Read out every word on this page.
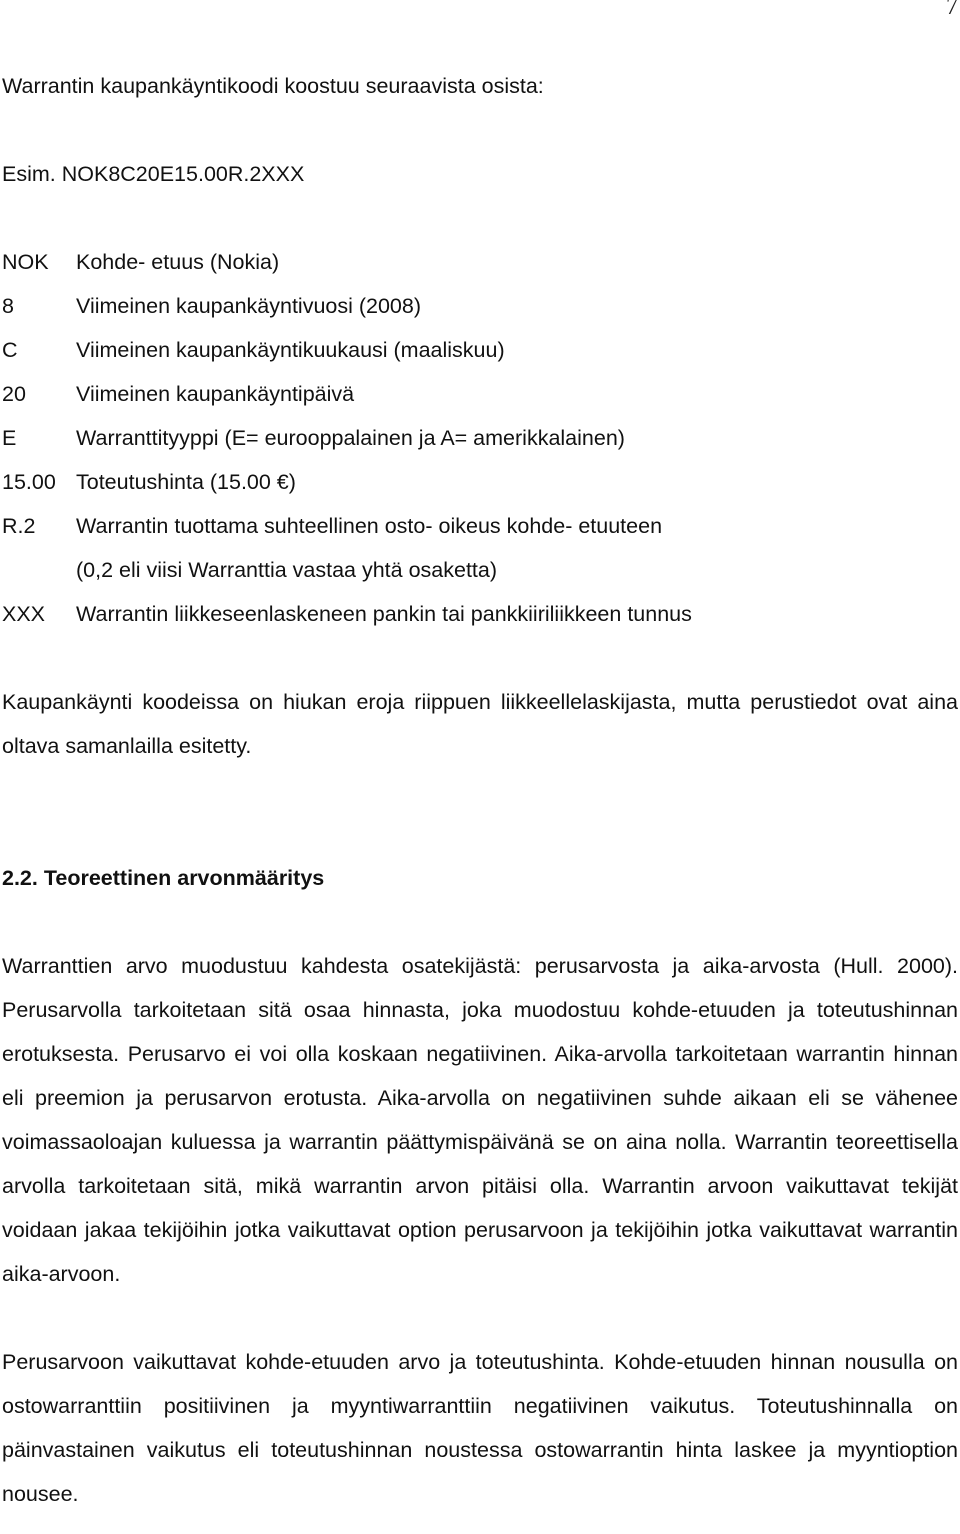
7

Warrantin kaupankäyntikoodi koostuu seuraavista osista:

Esim. NOK8C20E15.00R.2XXX

NOK	Kohde- etuus (Nokia)
8	Viimeinen kaupankäyntivuosi (2008)
C	Viimeinen kaupankäyntikuukausi (maaliskuu)
20	Viimeinen kaupankäyntipäivä
E	Warranttityyppi (E= eurooppalainen ja A= amerikkalainen)
15.00 Toteutushinta (15.00 €)
R.2	Warrantin tuottama suhteellinen osto- oikeus kohde- etuuteen
(0,2 eli viisi Warranttia vastaa yhtä osaketta)
XXX	Warrantin liikkeseenlaskeneen pankin tai pankkiiriliikkeen tunnus

Kaupankäynti koodeissa on hiukan eroja riippuen liikkeellelaskijasta, mutta perustiedot ovat aina oltava samanlailla esitetty.

2.2. Teoreettinen arvonmääritys

Warranttien arvo muodustuu kahdesta osatekijästä: perusarvosta ja aika-arvosta (Hull. 2000). Perusarvolla tarkoitetaan sitä osaa hinnasta, joka muodostuu kohde-etuuden ja toteutushinnan erotuksesta. Perusarvo ei voi olla koskaan negatiivinen. Aika-arvolla tarkoitetaan warrantin hinnan eli preemion ja perusarvon erotusta. Aika-arvolla on negatiivinen suhde aikaan eli se vähenee voimassaoloajan kuluessa ja warrantin päättymispäivänä se on aina nolla. Warrantin teoreettisella arvolla tarkoitetaan sitä, mikä warrantin arvon pitäisi olla. Warrantin arvoon vaikuttavat tekijät voidaan jakaa tekijöihin jotka vaikuttavat option perusarvoon ja tekijöihin jotka vaikuttavat warrantin aika-arvoon.

Perusarvoon vaikuttavat kohde-etuuden arvo ja toteutushinta. Kohde-etuuden hinnan nousulla on ostowarranttiin positiivinen ja myyntiwarranttiin negatiivinen vaikutus. Toteutushinnalla on päinvastainen vaikutus eli toteutushinnan noustessa ostowarrantin hinta laskee ja myyntioption nousee.
